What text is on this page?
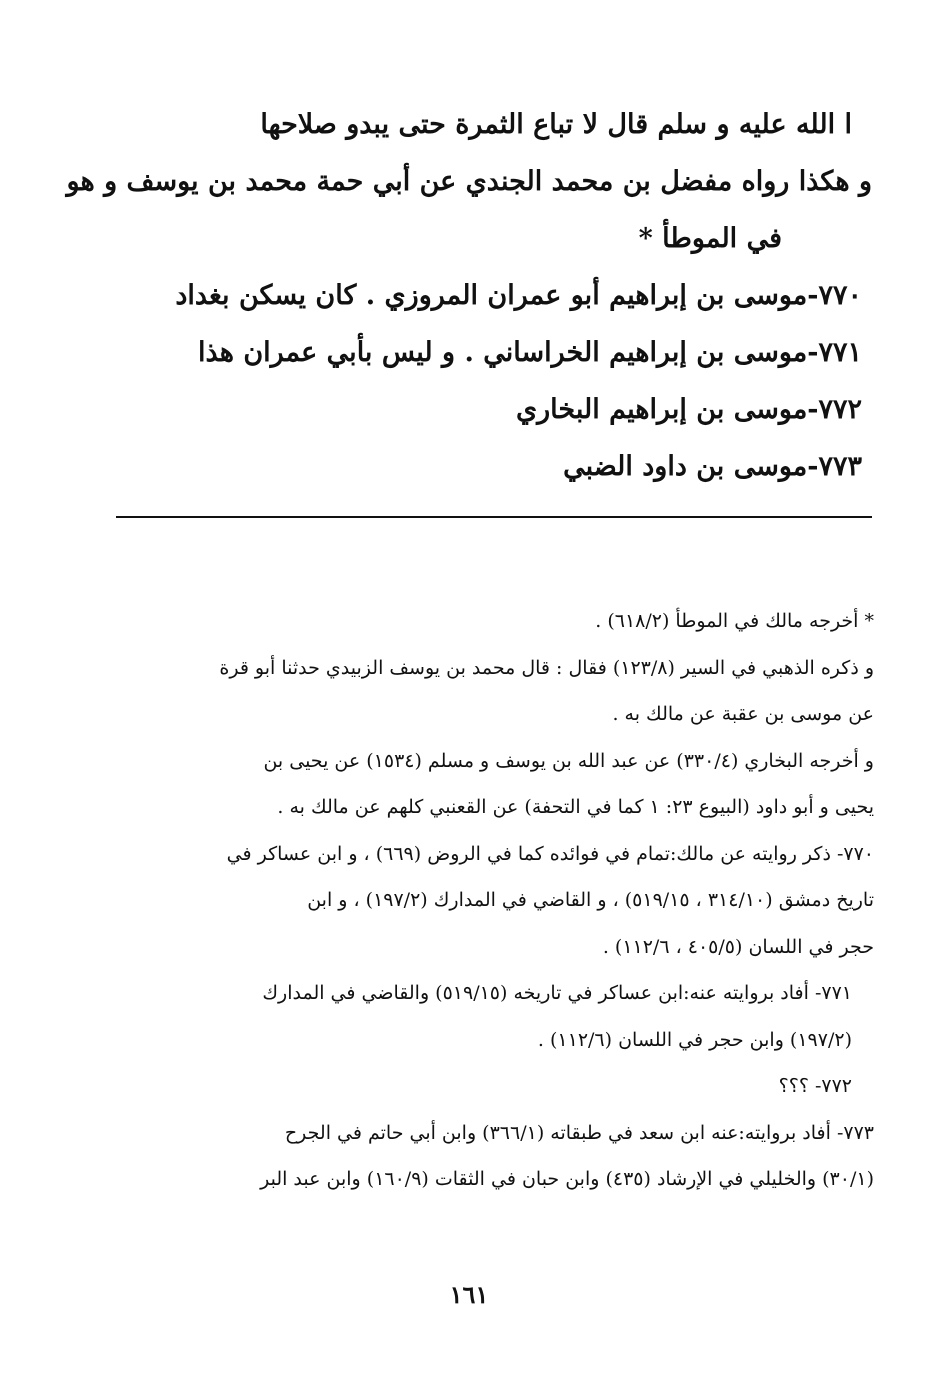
ا الله عليه و سلم قال لا تباع الثمرة حتى يبدو صلاحها
و هكذا رواه مفضل بن محمد الجندي عن أبي حمة محمد بن يوسف و هو
في الموطأ *
٧٧٠-موسى بن إبراهيم أبو عمران المروزي . كان يسكن بغداد
٧٧١-موسى بن إبراهيم الخراساني . و ليس بأبي عمران هذا
٧٧٢-موسى بن إبراهيم البخاري
٧٧٣-موسى بن داود الضبي
* أخرجه مالك في الموطأ (٦١٨/٢) .
و ذكره الذهبي في السير (١٢٣/٨) فقال : قال محمد بن يوسف الزبيدي حدثنا أبو قرة
عن موسى بن عقبة عن مالك به .
و أخرجه البخاري (٣٣٠/٤) عن عبد الله بن يوسف و مسلم (١٥٣٤) عن يحيى بن
يحيى و أبو داود (البيوع ٢٣: ١ كما في التحفة) عن القعنبي كلهم عن مالك به .
٧٧٠- ذكر روايته عن مالك:تمام في فوائده كما في الروض (٦٦٩) ، و ابن عساكر في
تاريخ دمشق (٣١٤/١٠ ، ٥١٩/١٥) ، و القاضي في المدارك (١٩٧/٢) ، و ابن
حجر في اللسان (٤٠٥/٥ ، ١١٢/٦) .
٧٧١- أفاد بروايته عنه:ابن عساكر في تاريخه (٥١٩/١٥) والقاضي في المدارك
(١٩٧/٢) وابن حجر في اللسان (١١٢/٦) .
٧٧٢- ؟؟؟
٧٧٣- أفاد بروايته:عنه ابن سعد في طبقاته (٣٦٦/١) وابن أبي حاتم في الجرح
(٣٠/١) والخليلي في الإرشاد (٤٣٥) وابن حبان في الثقات (١٦٠/٩) وابن عبد البر
١٦١
